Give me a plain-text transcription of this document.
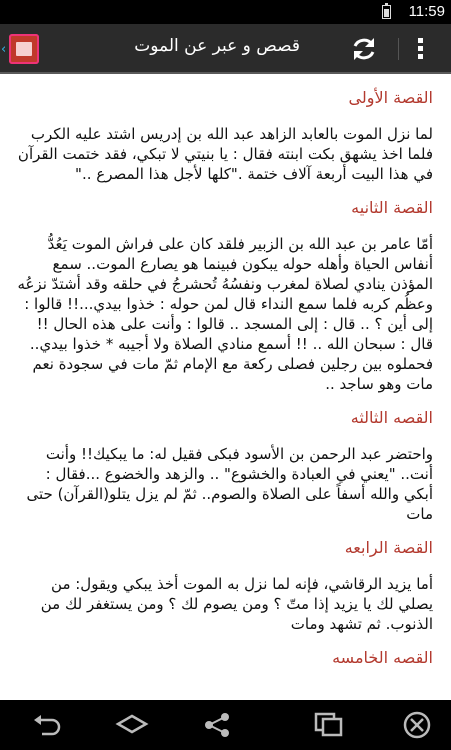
11:59
‹	قصص و عبر عن الموت
القصة الأولى

لما نزل الموت بالعابد الزاهد عبد الله بن إدريس اشتد عليه الكرب فلما اخذ يشهق بكت ابنته فقال : يا بنيتي لا تبكي، فقد ختمت القرآن في هذا البيت أربعة آلاف ختمة ."كلها لأجل هذا المصرع .."

القصة الثانيه

أمّا عامر بن عبد الله بن الزبير فلقد كان على فراش الموت يَعُدُّ أنفاس الحياة وأهله حوله يبكون فبينما هو يصارع الموت.. سمع المؤذن ينادي لصلاة لمغرب ونفسُهُ تُحشرجُ في حلقه وقد أشتدّ نزعُه وعظُم كربه فلما سمع النداء قال لمن حوله : خذوا بيدي...!! قالوا : إلى أين ؟ .. قال : إلى المسجد .. قالوا : وأنت على هذه الحال !! قال : سبحان الله .. !! أسمع منادي الصلاة ولا أجيبه * خذوا بيدي.. فحملوه بين رجلين فصلى ركعة مع الإمام ثمّ مات في سجودة نعم مات وهو ساجد ..

القصه الثالثه

واحتضر عبد الرحمن بن الأسود فبكى فقيل له: ما يبكيك!! وأنت أنت.. "يعني في العبادة والخشوع" .. والزهد والخضوع ...فقال : أبكي والله أسفاً على الصلاة والصوم.. ثمّ لم يزل يتلو(القرآن) حتى مات

القصة الرابعه

أما يزيد الرقاشي، فإنه لما نزل به الموت أخذ يبكي ويقول: من يصلي لك يا يزيد إذا متّ ؟ ومن يصوم لك ؟ ومن يستغفر لك من الذنوب. ثم تشهد ومات

القصه الخامسه
